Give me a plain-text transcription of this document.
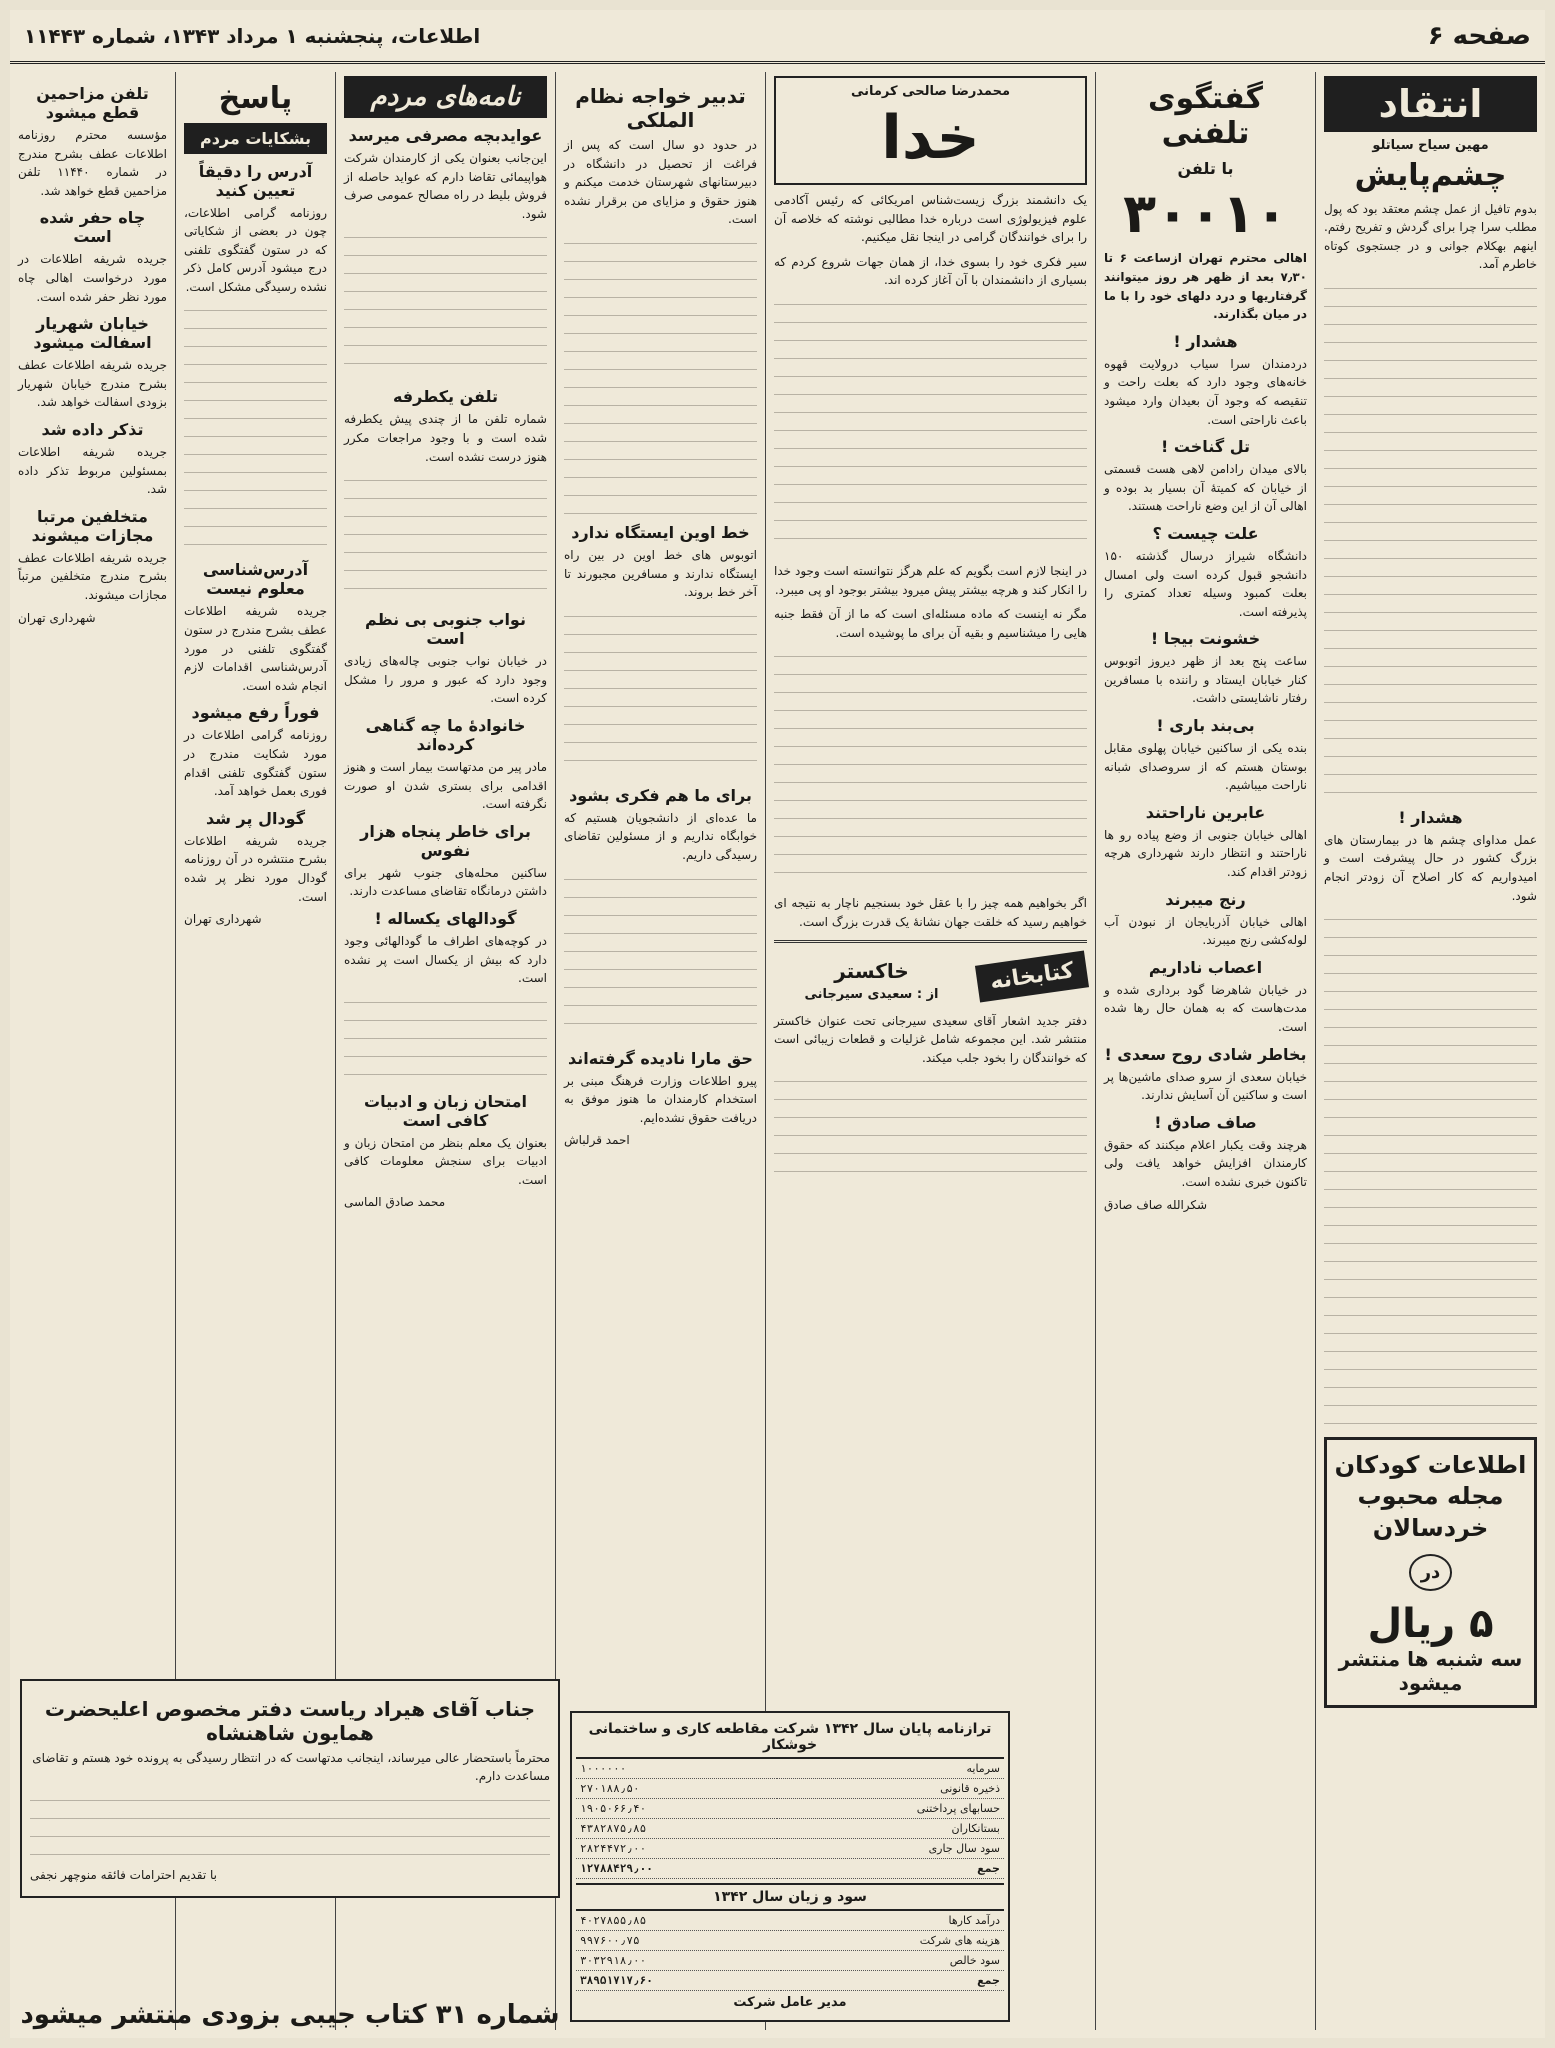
صفحه ۶
اطلاعات، پنجشنبه ۱ مرداد ۱۳۴۳، شماره ۱۱۴۴۳
انتقاد
مهین سیاح سیاتلو
چشم‌پایش
بدوم تافیل از عمل چشم معتقد بود که پول مطلب سرا چرا برای گردش و تفریح رفتم. اینهم بهکلام جوانی و در جستجوی کوتاه خاطرم آمد.
هشدار !
عمل مداوای چشم ها در بیمارستان های بزرگ کشور در حال پیشرفت است و امیدواریم که کار اصلاح آن زودتر انجام شود.
اطلاعات کودکان مجله محبوب خردسالان
در
۵ ریال
سه شنبه ها منتشر میشود
گفتگوی تلفنی
با تلفن
۳۰۰۱۰
اهالی محترم تهران ازساعت ۶ تا ۷٫۳۰ بعد از ظهر هر روز میتوانند گرفتاریها و درد دلهای خود را با ما در میان بگذارند.
هشدار !
دردمندان سرا سیاب درولایت قهوه خانه‌های وجود دارد که بعلت راحت و تنقیصه که وجود آن بعیدان وارد میشود باعث ناراحتی است.
تل گناخت !
بالای میدان رادامن لاهی هست قسمتی از خیابان که کمیتهٔ آن بسیار بد بوده و اهالی آن از این وضع ناراحت هستند.
علت چیست ؟
دانشگاه شیراز درسال گذشته ۱۵۰ دانشجو قبول کرده است ولی امسال بعلت کمبود وسیله تعداد کمتری را پذیرفته است.
خشونت بیجا !
ساعت پنج بعد از ظهر دیروز اتوبوس کنار خیابان ایستاد و راننده با مسافرین رفتار ناشایستی داشت.
بی‌بند باری !
بنده یکی از ساکنین خیابان پهلوی مقابل بوستان هستم که از سروصدای شبانه ناراحت میباشیم.
عابرین ناراحتند
اهالی خیابان جنوبی از وضع پیاده رو ها ناراحتند و انتظار دارند شهرداری هرچه زودتر اقدام کند.
رنج میبرند
اهالی خیابان آذربایجان از نبودن آب لوله‌کشی رنج میبرند.
اعصاب ناداریم
در خیابان شاهرضا گود برداری شده و مدت‌هاست که به همان حال رها شده است.
بخاطر شادی روح سعدی !
خیابان سعدی از سرو صدای ماشین‌ها پر است و ساکنین آن آسایش ندارند.
صاف صادق !
هرچند وقت یکبار اعلام میکنند که حقوق کارمندان افزایش خواهد یافت ولی تاکنون خبری نشده است.
شکرالله صاف صادق
محمدرضا صالحی کرمانی
خدا
یک دانشمند بزرگ زیست‌شناس امریکائی که رئیس آکادمی علوم فیزیولوژی است درباره خدا مطالبی نوشته که خلاصه آن را برای خوانندگان گرامی در اینجا نقل میکنیم.
سیر فکری خود را بسوی خدا، از همان جهات شروع کردم که بسیاری از دانشمندان با آن آغاز کرده اند.
در اینجا لازم است بگویم که علم هرگز نتوانسته است وجود خدا را انکار کند و هرچه بیشتر پیش میرود بیشتر بوجود او پی میبرد.
مگر نه اینست که ماده مسئله‌ای است که ما از آن فقط جنبه هایی را میشناسیم و بقیه آن برای ما پوشیده است.
اگر بخواهیم همه چیز را با عقل خود بسنجیم ناچار به نتیجه ای خواهیم رسید که خلقت جهان نشانهٔ یک قدرت بزرگ است.
کتابخانه
خاکستر
از : سعیدی سیرجانی
دفتر جدید اشعار آقای سعیدی سیرجانی تحت عنوان خاکستر منتشر شد. این مجموعه شامل غزلیات و قطعات زیبائی است که خوانندگان را بخود جلب میکند.
تدبیر خواجه نظام الملکی
در حدود دو سال است که پس از فراغت از تحصیل در دانشگاه در دبیرستانهای شهرستان خدمت میکنم و هنوز حقوق و مزایای من برقرار نشده است.
خط اوین ایستگاه ندارد
اتوبوس های خط اوین در بین راه ایستگاه ندارند و مسافرین مجبورند تا آخر خط بروند.
برای ما هم فکری بشود
ما عده‌ای از دانشجویان هستیم که خوابگاه نداریم و از مسئولین تقاضای رسیدگی داریم.
حق مارا نادیده گرفته‌اند
پیرو اطلاعات وزارت فرهنگ مبنی بر استخدام کارمندان ما هنوز موفق به دریافت حقوق نشده‌ایم.
احمد قرلباش
نامه‌های مردم
عوایدبچه مصرفی میرسد
این‌جانب بعنوان یکی از کارمندان شرکت هواپیمائی تقاضا دارم که عواید حاصله از فروش بلیط در راه مصالح عمومی صرف شود.
تلفن یکطرفه
شماره تلفن ما از چندی پیش یکطرفه شده است و با وجود مراجعات مکرر هنوز درست نشده است.
نواب جنوبی بی نظم است
در خیابان نواب جنوبی چاله‌های زیادی وجود دارد که عبور و مرور را مشکل کرده است.
خانوادهٔ ما چه گناهی کرده‌اند
مادر پیر من مدتهاست بیمار است و هنوز اقدامی برای بستری شدن او صورت نگرفته است.
برای خاطر پنجاه هزار نفوس
ساکنین محله‌های جنوب شهر برای داشتن درمانگاه تقاضای مساعدت دارند.
گودالهای یکساله !
در کوچه‌های اطراف ما گودالهائی وجود دارد که بیش از یکسال است پر نشده است.
امتحان زبان و ادبیات کافی است
بعنوان یک معلم بنظر من امتحان زبان و ادبیات برای سنجش معلومات کافی است.
محمد صادق الماسی
پاسخ
بشکایات مردم
آدرس را دقیقاً تعیین کنید
روزنامه گرامی اطلاعات، چون در بعضی از شکایاتی که در ستون گفتگوی تلفنی درج میشود آدرس کامل ذکر نشده رسیدگی مشکل است.
آدرس‌شناسی معلوم نیست
جریده شریفه اطلاعات عطف بشرح مندرج در ستون گفتگوی تلفنی در مورد آدرس‌شناسی اقدامات لازم انجام شده است.
فوراً رفع میشود
روزنامه گرامی اطلاعات در مورد شکایت مندرج در ستون گفتگوی تلفنی اقدام فوری بعمل خواهد آمد.
گودال پر شد
جریده شریفه اطلاعات بشرح منتشره در آن روزنامه گودال مورد نظر پر شده است.
شهرداری تهران
تلفن مزاحمین قطع میشود
مؤسسه محترم روزنامه اطلاعات عطف بشرح مندرج در شماره ۱۱۴۴۰ تلفن مزاحمین قطع خواهد شد.
چاه حفر شده است
جریده شریفه اطلاعات در مورد درخواست اهالی چاه مورد نظر حفر شده است.
خیابان شهریار اسفالت میشود
جریده شریفه اطلاعات عطف بشرح مندرج خیابان شهریار بزودی اسفالت خواهد شد.
تذکر داده شد
جریده شریفه اطلاعات بمسئولین مربوط تذکر داده شد.
متخلفین مرتبا مجازات میشوند
جریده شریفه اطلاعات عطف بشرح مندرج متخلفین مرتباً مجازات میشوند.
شهرداری تهران
جناب آقای هیراد ریاست دفتر مخصوص اعلیحضرت همایون شاهنشاه
محترماً باستحضار عالی میرساند، اینجانب مدتهاست که در انتظار رسیدگی به پرونده خود هستم و تقاضای مساعدت دارم.
با تقدیم احترامات فائقه منوچهر نجفی
شماره ۳۱ کتاب جیبی بزودی منتشر میشود
ترازنامه پایان سال ۱۳۴۲ شرکت مقاطعه کاری و ساختمانی خوشکار
سرمایه	۱۰۰۰۰۰۰
ذخیره قانونی	۲۷۰۱۸۸٫۵۰
حسابهای پرداختنی	۱۹۰۵۰۶۶٫۴۰
بستانکاران	۴۳۸۲۸۷۵٫۸۵
سود سال جاری	۲۸۲۴۴۷۲٫۰۰
جمع	۱۲۷۸۸۴۲۹٫۰۰
سود و زیان سال ۱۳۴۲
درآمد کارها	۴۰۲۷۸۵۵٫۸۵
هزینه های شرکت	۹۹۷۶۰۰٫۷۵
سود خالص	۳۰۳۲۹۱۸٫۰۰
جمع	۳۸۹۵۱۷۱۷٫۶۰
مدیر عامل شرکت
